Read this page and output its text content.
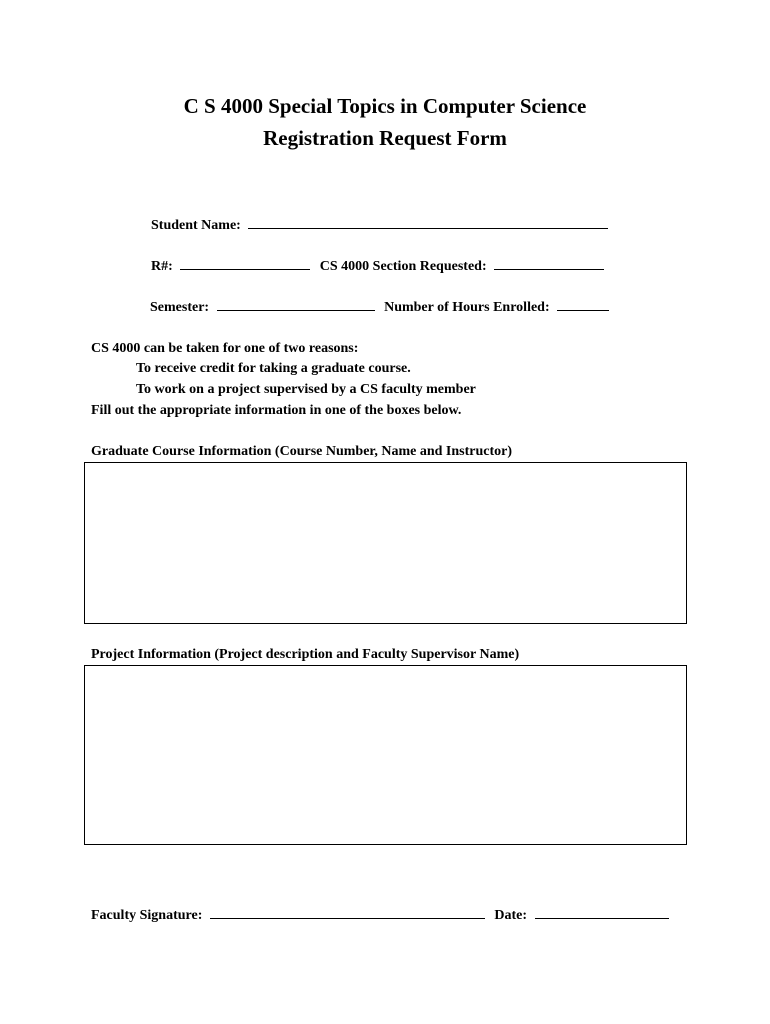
C S 4000 Special Topics in Computer Science
Registration Request Form
Student Name:
R#:	CS 4000 Section Requested:
Semester:	Number of Hours Enrolled:
CS 4000 can be taken for one of two reasons:
To receive credit for taking a graduate course.
To work on a project supervised by a CS faculty member
Fill out the appropriate information in one of the boxes below.
Graduate Course Information (Course Number, Name and Instructor)
Project Information (Project description and Faculty Supervisor Name)
Faculty Signature:	Date:
